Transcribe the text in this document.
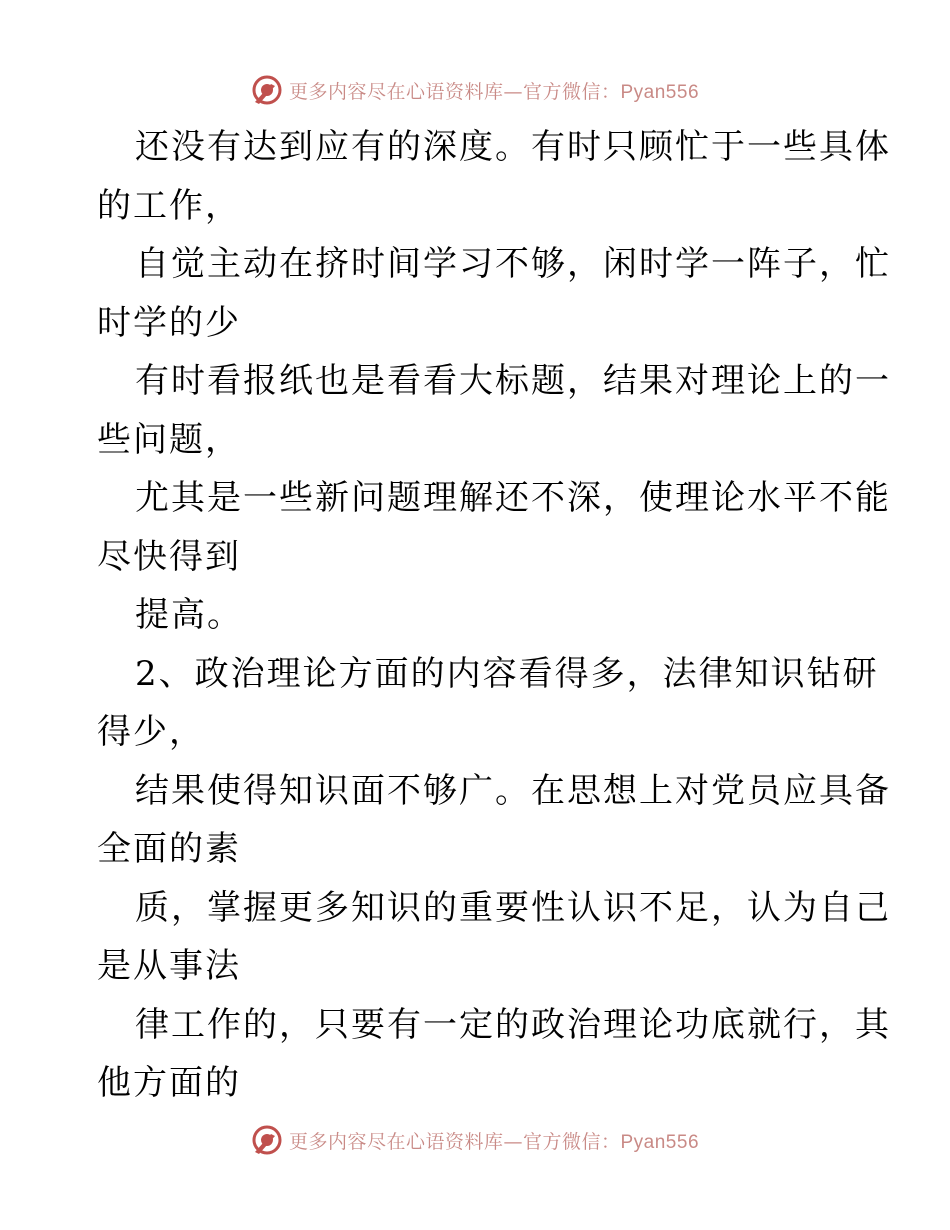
更多内容尽在心语资料库—官方微信：Pyan556
还没有达到应有的深度。有时只顾忙于一些具体
的工作，
自觉主动在挤时间学习不够，闲时学一阵子，忙
时学的少
有时看报纸也是看看大标题，结果对理论上的一
些问题，
尤其是一些新问题理解还不深，使理论水平不能
尽快得到
提高。
2、政治理论方面的内容看得多，法律知识钻研
得少，
结果使得知识面不够广。在思想上对党员应具备
全面的素
质，掌握更多知识的重要性认识不足，认为自己
是从事法
律工作的，只要有一定的政治理论功底就行，其
他方面的
更多内容尽在心语资料库—官方微信：Pyan556
